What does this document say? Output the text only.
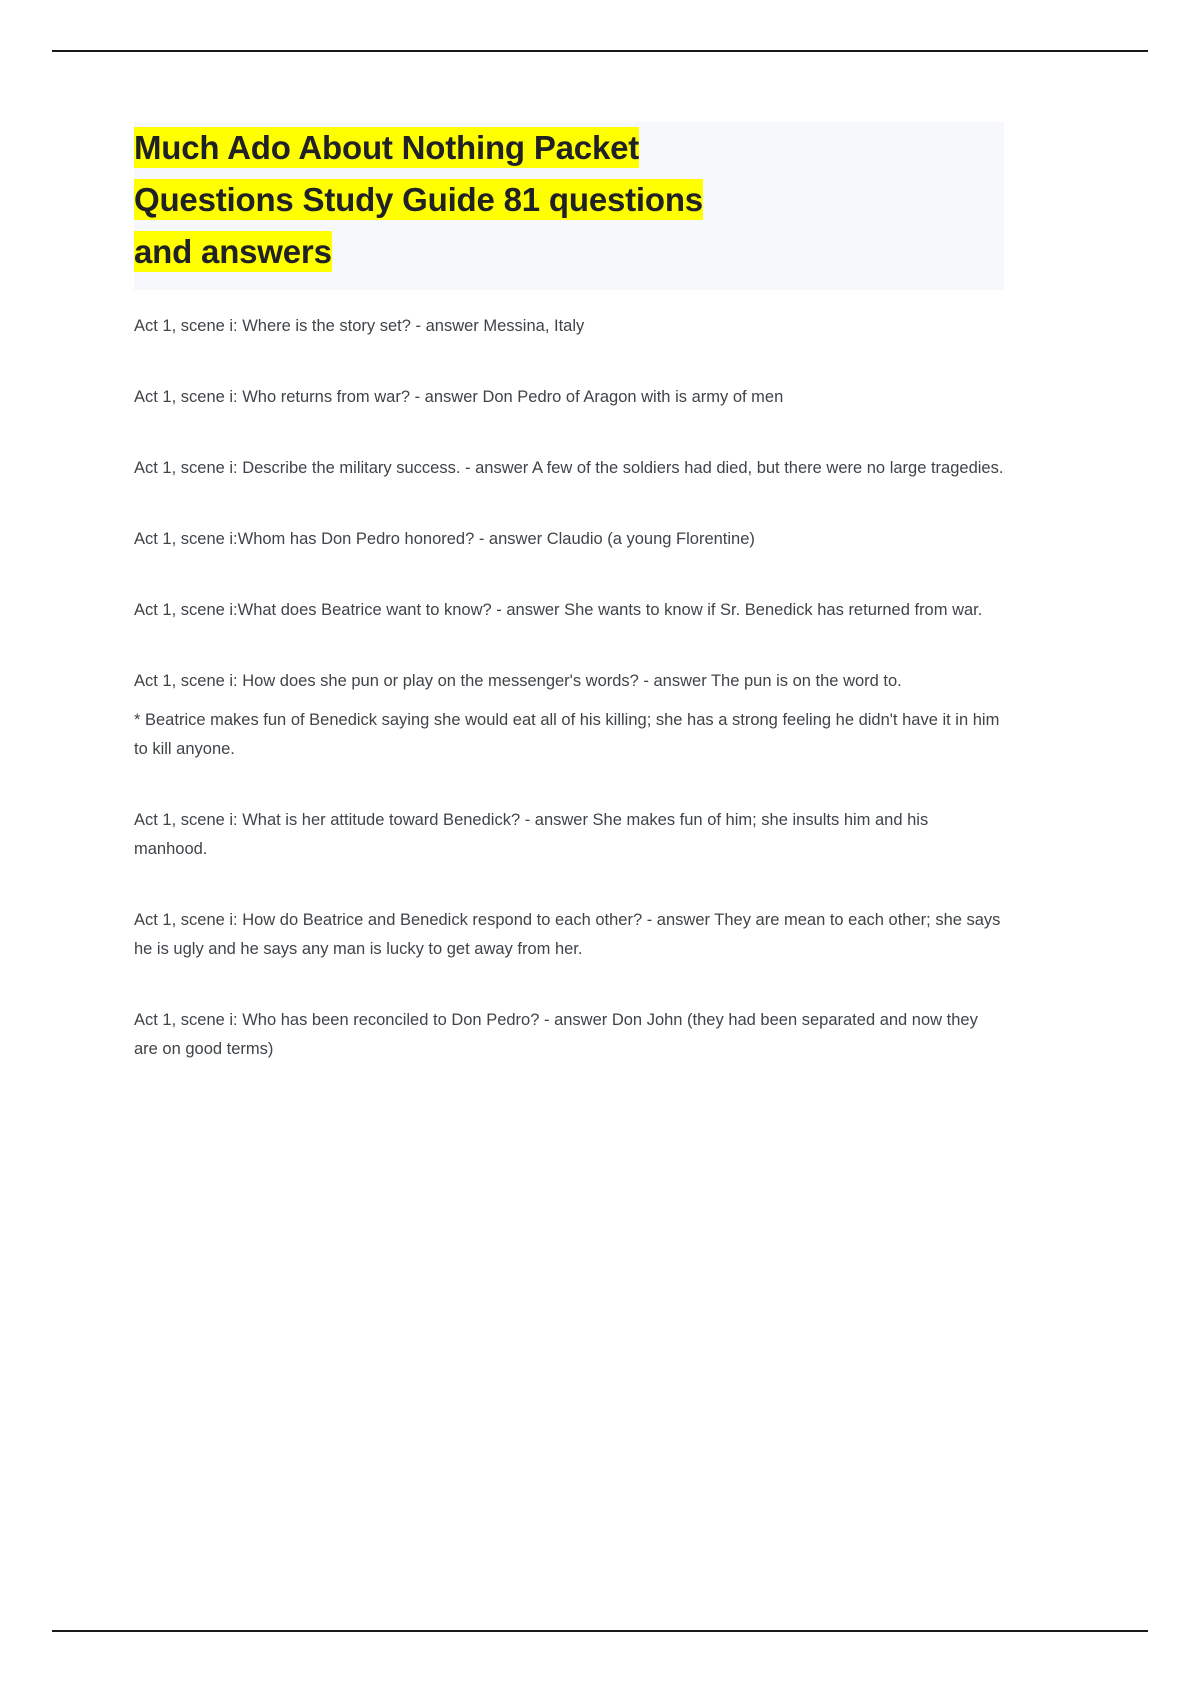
Much Ado About Nothing Packet
Questions Study Guide 81 questions
and answers

Act 1, scene i: Where is the story set? - answer Messina, Italy

Act 1, scene i: Who returns from war? - answer Don Pedro of Aragon with is army of men

Act 1, scene i: Describe the military success. - answer A few of the soldiers had died, but there were no large tragedies.

Act 1, scene i:Whom has Don Pedro honored? - answer Claudio (a young Florentine)

Act 1, scene i:What does Beatrice want to know? - answer She wants to know if Sr. Benedick has returned from war.

Act 1, scene i: How does she pun or play on the messenger's words? - answer The pun is on the word to.

* Beatrice makes fun of Benedick saying she would eat all of his killing; she has a strong feeling he didn't have it in him to kill anyone.

Act 1, scene i: What is her attitude toward Benedick? - answer She makes fun of him; she insults him and his manhood.

Act 1, scene i: How do Beatrice and Benedick respond to each other? - answer They are mean to each other; she says he is ugly and he says any man is lucky to get away from her.

Act 1, scene i: Who has been reconciled to Don Pedro? - answer Don John (they had been separated and now they are on good terms)
